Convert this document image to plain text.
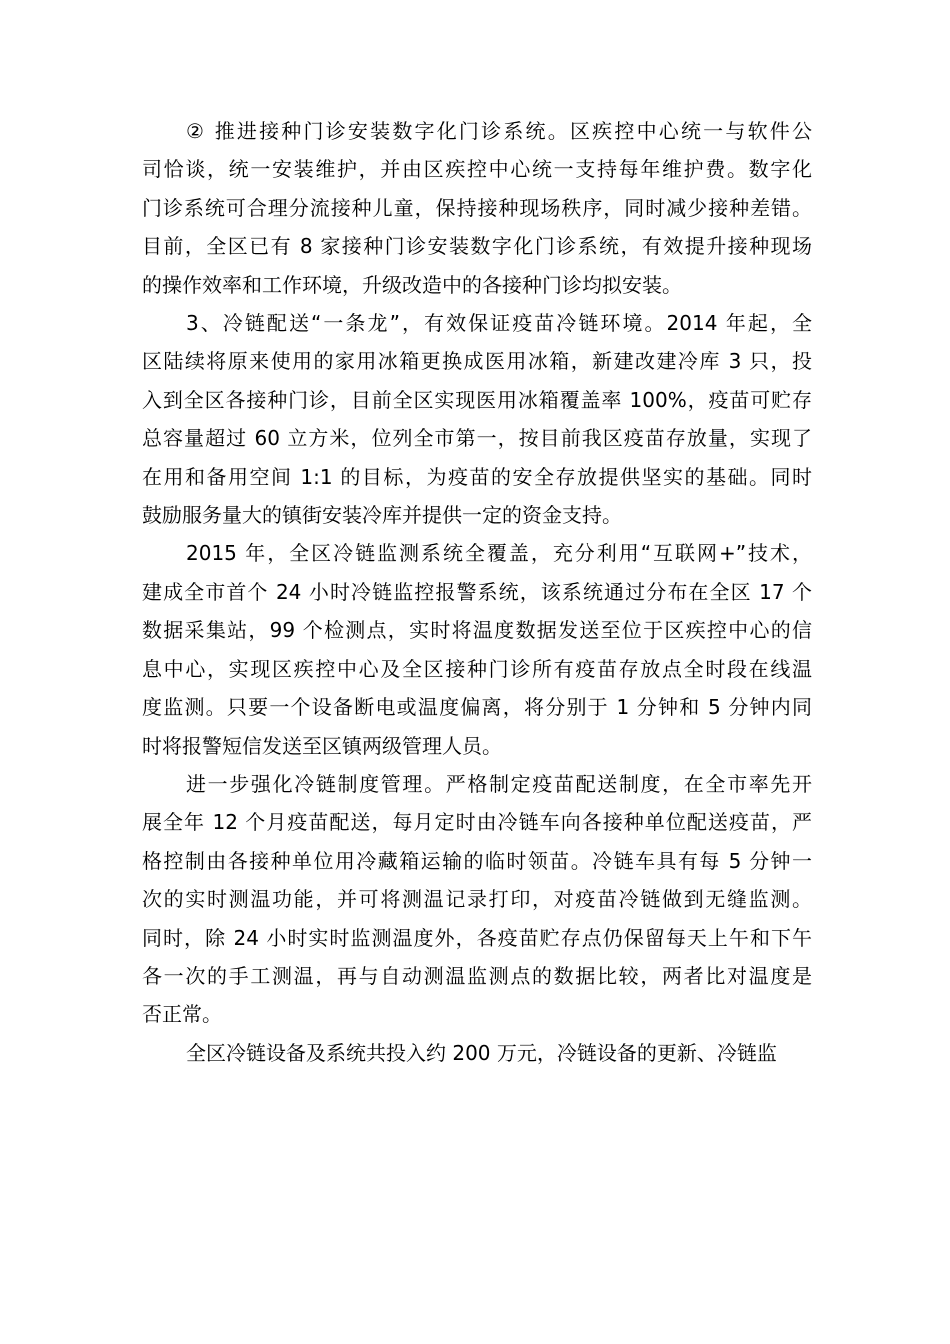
② 推进接种门诊安装数字化门诊系统。区疾控中心统一与软件公
司恰谈，统一安装维护，并由区疾控中心统一支持每年维护费。数字化
门诊系统可合理分流接种儿童，保持接种现场秩序，同时减少接种差错。
目前，全区已有 8 家接种门诊安装数字化门诊系统，有效提升接种现场
的操作效率和工作环境，升级改造中的各接种门诊均拟安装。

3、冷链配送“一条龙”，有效保证疫苗冷链环境。2014 年起，全
区陆续将原来使用的家用冰箱更换成医用冰箱，新建改建冷库 3 只，投
入到全区各接种门诊，目前全区实现医用冰箱覆盖率 100%，疫苗可贮存
总容量超过 60 立方米，位列全市第一，按目前我区疫苗存放量，实现了
在用和备用空间 1:1 的目标，为疫苗的安全存放提供坚实的基础。同时
鼓励服务量大的镇街安装冷库并提供一定的资金支持。

2015 年，全区冷链监测系统全覆盖，充分利用“互联网+”技术，
建成全市首个 24 小时冷链监控报警系统，该系统通过分布在全区 17 个
数据采集站，99 个检测点，实时将温度数据发送至位于区疾控中心的信
息中心，实现区疾控中心及全区接种门诊所有疫苗存放点全时段在线温
度监测。只要一个设备断电或温度偏离，将分别于 1 分钟和 5 分钟内同
时将报警短信发送至区镇两级管理人员。

进一步强化冷链制度管理。严格制定疫苗配送制度，在全市率先开
展全年 12 个月疫苗配送，每月定时由冷链车向各接种单位配送疫苗，严
格控制由各接种单位用冷藏箱运输的临时领苗。冷链车具有每 5 分钟一
次的实时测温功能，并可将测温记录打印，对疫苗冷链做到无缝监测。
同时，除 24 小时实时监测温度外，各疫苗贮存点仍保留每天上午和下午
各一次的手工测温，再与自动测温监测点的数据比较，两者比对温度是
否正常。

全区冷链设备及系统共投入约 200 万元，冷链设备的更新、冷链监
